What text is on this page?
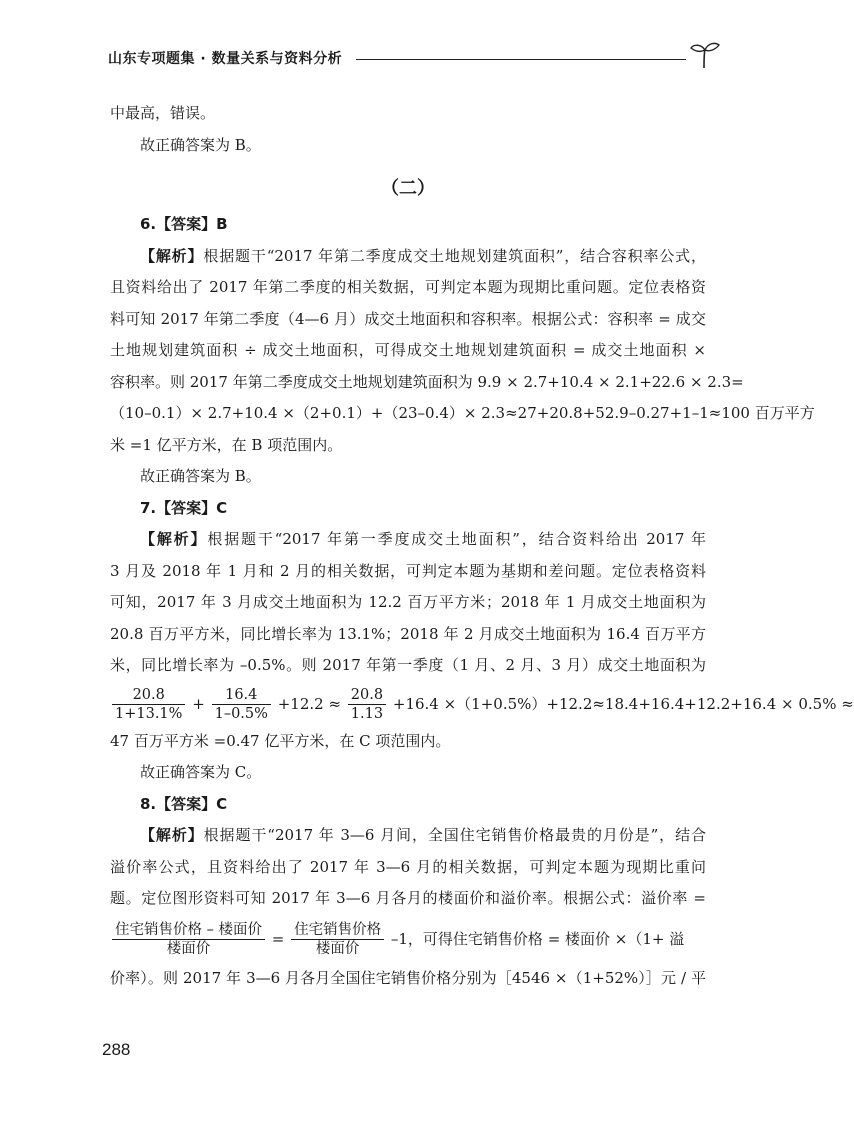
山东专项题集 · 数量关系与资料分析
中最高，错误。
故正确答案为 B。
（二）
6.【答案】B
【解析】根据题干“2017 年第二季度成交土地规划建筑面积”，结合容积率公式，
且资料给出了 2017 年第二季度的相关数据，可判定本题为现期比重问题。定位表格资
料可知 2017 年第二季度（4—6 月）成交土地面积和容积率。根据公式：容积率 = 成交
土地规划建筑面积 ÷ 成交土地面积，可得成交土地规划建筑面积 = 成交土地面积 ×
容积率。则 2017 年第二季度成交土地规划建筑面积为 9.9 × 2.7+10.4 × 2.1+22.6 × 2.3=
（10–0.1）× 2.7+10.4 ×（2+0.1）+（23–0.4）× 2.3≈27+20.8+52.9–0.27+1–1≈100 百万平方
米 =1 亿平方米，在 B 项范围内。
故正确答案为 B。
7.【答案】C
【解析】根据题干“2017 年第一季度成交土地面积”，结合资料给出 2017 年
3 月及 2018 年 1 月和 2 月的相关数据，可判定本题为基期和差问题。定位表格资料
可知，2017 年 3 月成交土地面积为 12.2 百万平方米；2018 年 1 月成交土地面积为
20.8 百万平方米，同比增长率为 13.1%；2018 年 2 月成交土地面积为 16.4 百万平方
米，同比增长率为 –0.5%。则 2017 年第一季度（1 月、2 月、3 月）成交土地面积为
$\frac{20.8}{1+13.1\%} + \frac{16.4}{1-0.5\%} +12.2 \approx \frac{20.8}{1.13} +16.4 \times(1+0.5\%)+12.2\approx 18.4+16.4+12.2+16.4 \times 0.5\%$ ≈
47 百万平方米 =0.47 亿平方米，在 C 项范围内。
故正确答案为 C。
8.【答案】C
【解析】根据题干“2017 年 3—6 月间，全国住宅销售价格最贵的月份是”，结合
溢价率公式，且资料给出了 2017 年 3—6 月的相关数据，可判定本题为现期比重问
题。定位图形资料可知 2017 年 3—6 月各月的楼面价和溢价率。根据公式：溢价率 =
$\frac{\text{住宅销售价格 – 楼面价}}{\text{楼面价}} = \frac{\text{住宅销售价格}}{\text{楼面价}} -1$，可得住宅销售价格 = 楼面价 ×（1+ 溢
价率）。则 2017 年 3—6 月各月全国住宅销售价格分别为［4546 ×（1+52%）］元 / 平
288
